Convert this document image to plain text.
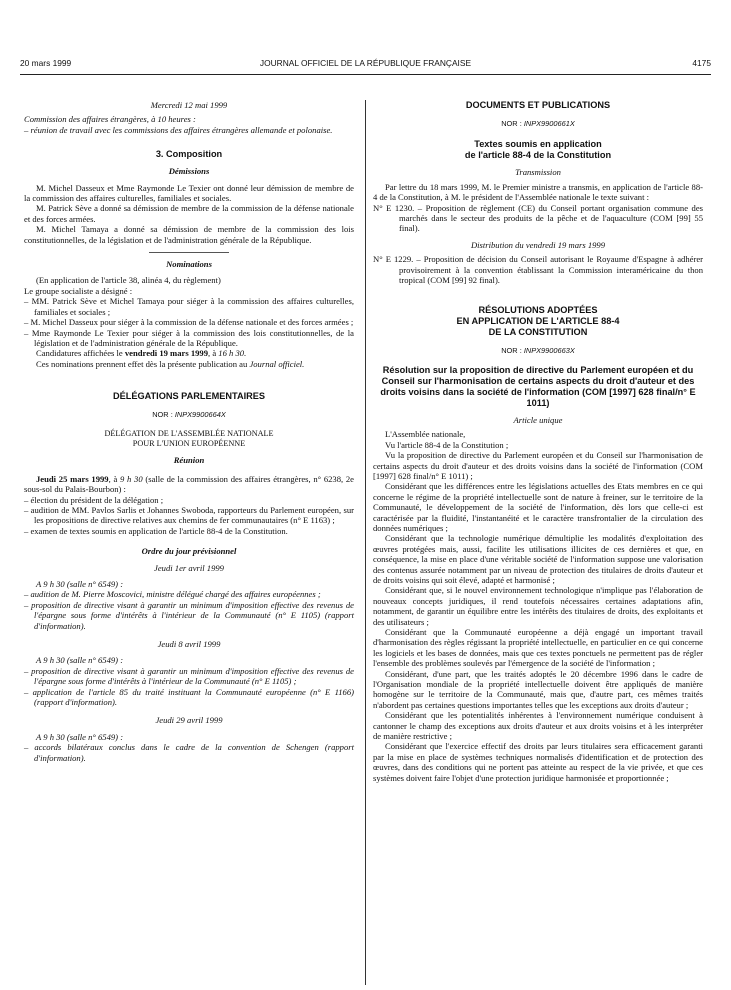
20 mars 1999	JOURNAL OFFICIEL DE LA RÉPUBLIQUE FRANÇAISE	4175

Mercredi 12 mai 1999

Commission des affaires étrangères, à 10 heures :

– réunion de travail avec les commissions des affaires étrangères allemande et polonaise.

3. Composition

Démissions

M. Michel Dasseux et Mme Raymonde Le Texier ont donné leur démission de membre de la commission des affaires culturelles, familiales et sociales.

M. Patrick Sève a donné sa démission de membre de la commission de la défense nationale et des forces armées.

M. Michel Tamaya a donné sa démission de membre de la commission des lois constitutionnelles, de la législation et de l'administration générale de la République.

Nominations

(En application de l'article 38, alinéa 4, du règlement)

Le groupe socialiste a désigné :

– MM. Patrick Sève et Michel Tamaya pour siéger à la commission des affaires culturelles, familiales et sociales ;

– M. Michel Dasseux pour siéger à la commission de la défense nationale et des forces armées ;

– Mme Raymonde Le Texier pour siéger à la commission des lois constitutionnelles, de la législation et de l'administration générale de la République.

Candidatures affichées le vendredi 19 mars 1999, à 16 h 30.

Ces nominations prennent effet dès la présente publication au Journal officiel.

DÉLÉGATIONS PARLEMENTAIRES

NOR : INPX9900664X

DÉLÉGATION DE L'ASSEMBLÉE NATIONALE

POUR L'UNION EUROPÉENNE

Réunion

Jeudi 25 mars 1999, à 9 h 30 (salle de la commission des affaires étrangères, n° 6238, 2e sous-sol du Palais-Bourbon) :

– élection du président de la délégation ;

– audition de MM. Pavlos Sarlis et Johannes Swoboda, rapporteurs du Parlement européen, sur les propositions de directive relatives aux chemins de fer communautaires (n° E 1163) ;

– examen de textes soumis en application de l'article 88-4 de la Constitution.

Ordre du jour prévisionnel

Jeudi 1er avril 1999

A 9 h 30 (salle n° 6549) :

– audition de M. Pierre Moscovici, ministre délégué chargé des affaires européennes ;

– proposition de directive visant à garantir un minimum d'imposition effective des revenus de l'épargne sous forme d'intérêts à l'intérieur de la Communauté (n° E 1105) (rapport d'information).

Jeudi 8 avril 1999

A 9 h 30 (salle n° 6549) :

– proposition de directive visant à garantir un minimum d'imposition effective des revenus de l'épargne sous forme d'intérêts à l'intérieur de la Communauté (n° E 1105) ;

– application de l'article 85 du traité instituant la Communauté européenne (n° E 1166) (rapport d'information).

Jeudi 29 avril 1999

A 9 h 30 (salle n° 6549) :

– accords bilatéraux conclus dans le cadre de la convention de Schengen (rapport d'information).

DOCUMENTS ET PUBLICATIONS

NOR : INPX9900661X

Textes soumis en application

de l'article 88-4 de la Constitution

Transmission

Par lettre du 18 mars 1999, M. le Premier ministre a transmis, en application de l'article 88-4 de la Constitution, à M. le président de l'Assemblée nationale le texte suivant :

N° E 1230. – Proposition de règlement (CE) du Conseil portant organisation commune des marchés dans le secteur des produits de la pêche et de l'aquaculture (COM [99] 55 final).

Distribution du vendredi 19 mars 1999

N° E 1229. – Proposition de décision du Conseil autorisant le Royaume d'Espagne à adhérer provisoirement à la convention établissant la Commission interaméricaine du thon tropical (COM [99] 92 final).

RÉSOLUTIONS ADOPTÉES

EN APPLICATION DE L'ARTICLE 88-4

DE LA CONSTITUTION

NOR : INPX9900663X

Résolution sur la proposition de directive du Parlement européen et du Conseil sur l'harmonisation de certains aspects du droit d'auteur et des droits voisins dans la société de l'information (COM [1997] 628 final/n° E 1011)

Article unique

L'Assemblée nationale,

Vu l'article 88-4 de la Constitution ;

Vu la proposition de directive du Parlement européen et du Conseil sur l'harmonisation de certains aspects du droit d'auteur et des droits voisins dans la société de l'information (COM [1997] 628 final/n° E 1011) ;

Considérant que les différences entre les législations actuelles des Etats membres en ce qui concerne le régime de la propriété intellectuelle sont de nature à freiner, sur le territoire de la Communauté, le développement de la société de l'information, dès lors que celle-ci est caractérisée par la fluidité, l'instantanéité et le caractère transfrontalier de la circulation des données numériques ;

Considérant que la technologie numérique démultiplie les modalités d'exploitation des œuvres protégées mais, aussi, facilite les utilisations illicites de ces dernières et que, en conséquence, la mise en place d'une véritable société de l'information suppose une valorisation des contenus assurée notamment par un niveau de protection des titulaires de droits d'auteur et de droits voisins qui soit élevé, adapté et harmonisé ;

Considérant que, si le nouvel environnement technologique n'implique pas l'élaboration de nouveaux concepts juridiques, il rend toutefois nécessaires certaines adaptations afin, notamment, de garantir un équilibre entre les intérêts des titulaires de droits, des exploitants et des utilisateurs ;

Considérant que la Communauté européenne a déjà engagé un important travail d'harmonisation des règles régissant la propriété intellectuelle, en particulier en ce qui concerne les logiciels et les bases de données, mais que ces textes ponctuels ne permettent pas de régler l'ensemble des problèmes soulevés par l'émergence de la société de l'information ;

Considérant, d'une part, que les traités adoptés le 20 décembre 1996 dans le cadre de l'Organisation mondiale de la propriété intellectuelle doivent être appliqués de manière homogène sur le territoire de la Communauté, mais que, d'autre part, ces mêmes traités n'abordent pas certaines questions importantes telles que les exceptions aux droits d'auteur ;

Considérant que les potentialités inhérentes à l'environnement numérique conduisent à cantonner le champ des exceptions aux droits d'auteur et aux droits voisins et à les interpréter de manière restrictive ;

Considérant que l'exercice effectif des droits par leurs titulaires sera efficacement garanti par la mise en place de systèmes techniques normalisés d'identification et de protection des œuvres, dans des conditions qui ne portent pas atteinte au respect de la vie privée, et que ces systèmes doivent faire l'objet d'une protection juridique harmonisée et proportionnée ;
